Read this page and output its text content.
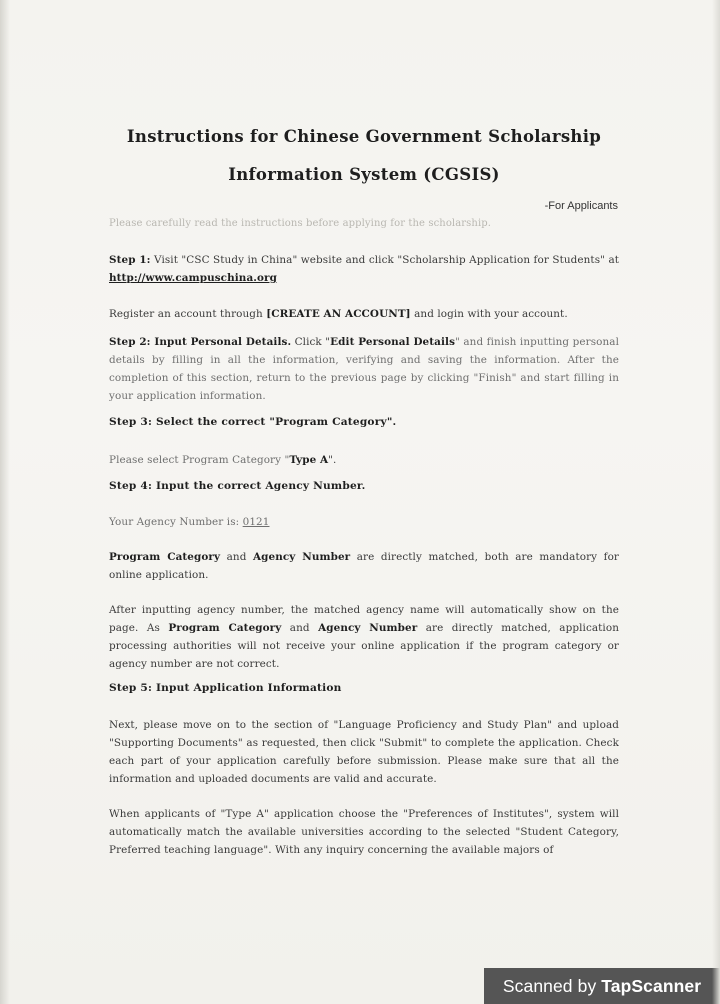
Instructions for Chinese Government Scholarship
Information System (CGSIS)

-For Applicants

Please carefully read the instructions before applying for the scholarship.

Step 1: Visit "CSC Study in China" website and click "Scholarship Application for Students" at http://www.campuschina.org

Register an account through [CREATE AN ACCOUNT] and login with your account.

Step 2: Input Personal Details. Click "Edit Personal Details" and finish inputting personal details by filling in all the information, verifying and saving the information. After the completion of this section, return to the previous page by clicking "Finish" and start filling in your application information.

Step 3: Select the correct "Program Category".

Please select Program Category "Type A".

Step 4: Input the correct Agency Number.

Your Agency Number is: 0121

Program Category and Agency Number are directly matched, both are mandatory for online application.

After inputting agency number, the matched agency name will automatically show on the page. As Program Category and Agency Number are directly matched, application processing authorities will not receive your online application if the program category or agency number are not correct.

Step 5: Input Application Information

Next, please move on to the section of "Language Proficiency and Study Plan" and upload "Supporting Documents" as requested, then click "Submit" to complete the application. Check each part of your application carefully before submission. Please make sure that all the information and uploaded documents are valid and accurate.

When applicants of "Type A" application choose the "Preferences of Institutes", system will automatically match the available universities according to the selected "Student Category, Preferred teaching language". With any inquiry concerning the available majors of

Scanned by TapScanner
